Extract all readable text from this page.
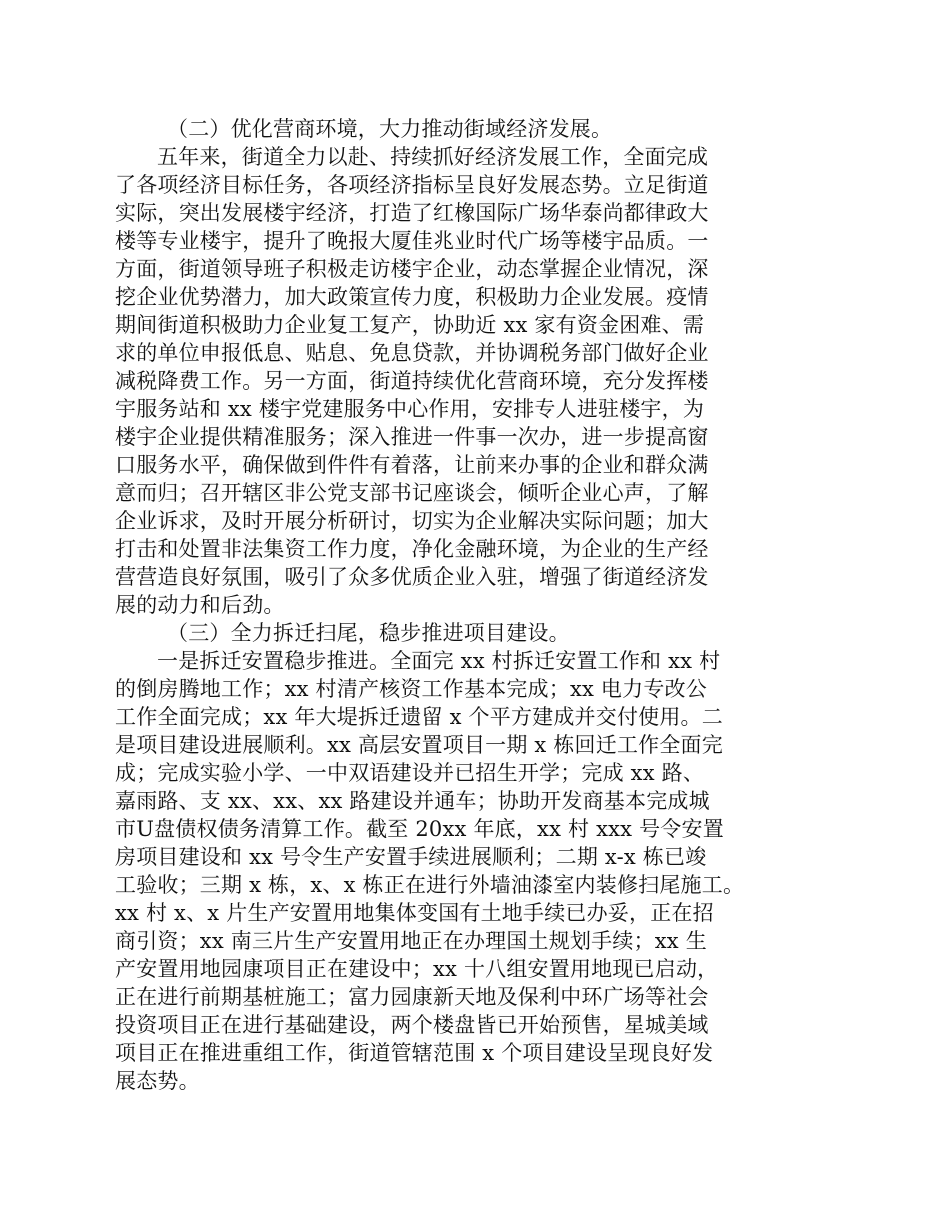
（二）优化营商环境，大力推动街域经济发展。
五年来，街道全力以赴、持续抓好经济发展工作，全面完成
了各项经济目标任务，各项经济指标呈良好发展态势。立足街道
实际，突出发展楼宇经济，打造了红橡国际广场华泰尚都律政大
楼等专业楼宇，提升了晚报大厦佳兆业时代广场等楼宇品质。一
方面，街道领导班子积极走访楼宇企业，动态掌握企业情况，深
挖企业优势潜力，加大政策宣传力度，积极助力企业发展。疫情
期间街道积极助力企业复工复产，协助近 xx 家有资金困难、需
求的单位申报低息、贴息、免息贷款，并协调税务部门做好企业
减税降费工作。另一方面，街道持续优化营商环境，充分发挥楼
宇服务站和 xx 楼宇党建服务中心作用，安排专人进驻楼宇，为
楼宇企业提供精准服务；深入推进一件事一次办，进一步提高窗
口服务水平，确保做到件件有着落，让前来办事的企业和群众满
意而归；召开辖区非公党支部书记座谈会，倾听企业心声，了解
企业诉求，及时开展分析研讨，切实为企业解决实际问题；加大
打击和处置非法集资工作力度，净化金融环境，为企业的生产经
营营造良好氛围，吸引了众多优质企业入驻，增强了街道经济发
展的动力和后劲。
（三）全力拆迁扫尾，稳步推进项目建设。
一是拆迁安置稳步推进。全面完 xx 村拆迁安置工作和 xx 村
的倒房腾地工作；xx 村清产核资工作基本完成；xx 电力专改公
工作全面完成；xx 年大堤拆迁遗留 x 个平方建成并交付使用。二
是项目建设进展顺利。xx 高层安置项目一期 x 栋回迁工作全面完
成；完成实验小学、一中双语建设并已招生开学；完成 xx 路、
嘉雨路、支 xx、xx、xx 路建设并通车；协助开发商基本完成城
市U盘债权债务清算工作。截至 20xx 年底，xx 村 xxx 号令安置
房项目建设和 xx 号令生产安置手续进展顺利；二期 x-x 栋已竣
工验收；三期 x 栋，x、x 栋正在进行外墙油漆室内装修扫尾施工。
xx 村 x、x 片生产安置用地集体变国有土地手续已办妥，正在招
商引资；xx 南三片生产安置用地正在办理国土规划手续；xx 生
产安置用地园康项目正在建设中；xx 十八组安置用地现已启动，
正在进行前期基桩施工；富力园康新天地及保利中环广场等社会
投资项目正在进行基础建设，两个楼盘皆已开始预售，星城美域
项目正在推进重组工作，街道管辖范围 x 个项目建设呈现良好发
展态势。
